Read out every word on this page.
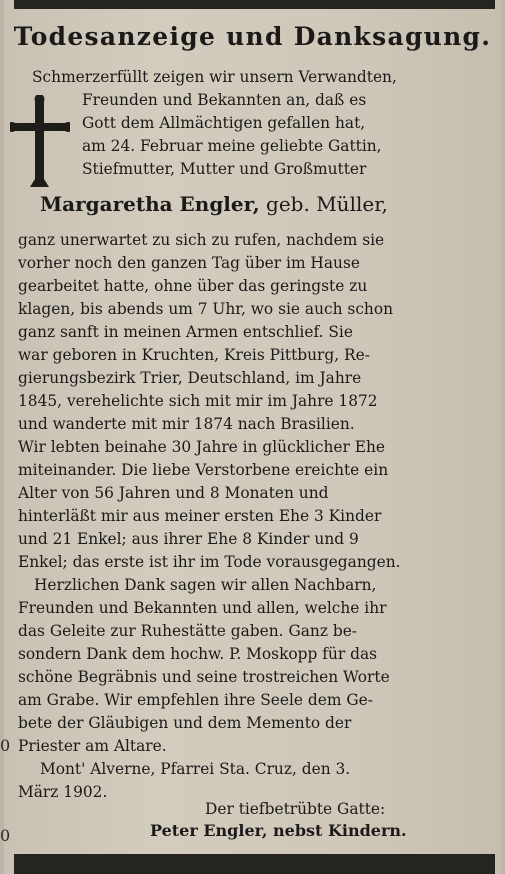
Todesanzeige und Danksagung.
Schmerzerfüllt zeigen wir unsern Verwandten,
Freunden und Bekannten an, daß es
Gott dem Allmächtigen gefallen hat,
am 24. Februar meine geliebte Gattin,
Stiefmutter, Mutter und Großmutter
Margaretha Engler, geb. Müller,
ganz unerwartet zu sich zu rufen, nachdem sie
vorher noch den ganzen Tag über im Hause
gearbeitet hatte, ohne über das geringste zu
klagen, bis abends um 7 Uhr, wo sie auch schon
ganz sanft in meinen Armen entschlief. Sie
war geboren in Kruchten, Kreis Pittburg, Re-
gierungsbezirk Trier, Deutschland, im Jahre
1845, verehelichte sich mit mir im Jahre 1872
und wanderte mit mir 1874 nach Brasilien.
Wir lebten beinahe 30 Jahre in glücklicher Ehe
miteinander. Die liebe Verstorbene ereichte ein
Alter von 56 Jahren und 8 Monaten und
hinterläßt mir aus meiner ersten Ehe 3 Kinder
und 21 Enkel; aus ihrer Ehe 8 Kinder und 9
Enkel; das erste ist ihr im Tode vorausgegangen.
Herzlichen Dank sagen wir allen Nachbarn,
Freunden und Bekannten und allen, welche ihr
das Geleite zur Ruhestätte gaben. Ganz be-
sondern Dank dem hochw. P. Moskopp für das
schöne Begräbnis und seine trostreichen Worte
am Grabe. Wir empfehlen ihre Seele dem Ge-
bete der Gläubigen und dem Memento der
Priester am Altare.
Mont' Alverne, Pfarrei Sta. Cruz, den 3.
März 1902.
Der tiefbetrübte Gatte:
Peter Engler, nebst Kindern.
0
0
